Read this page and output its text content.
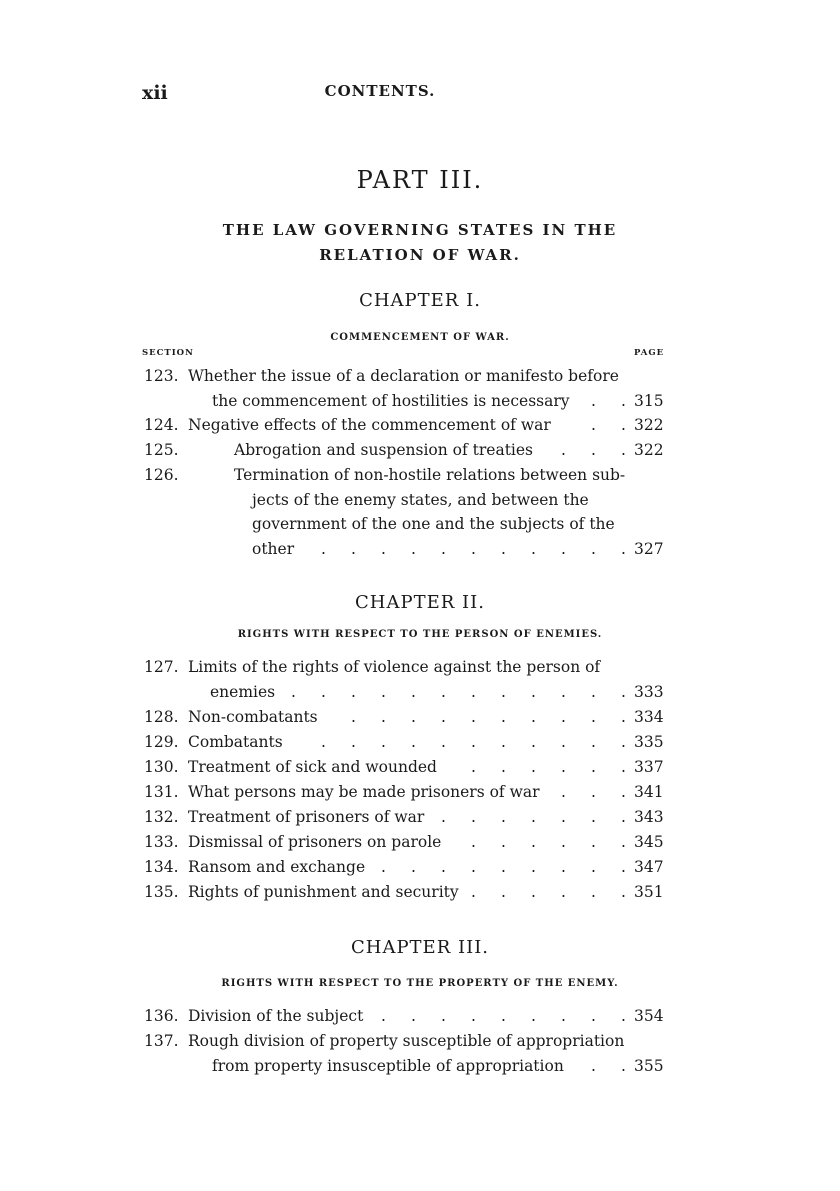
xii	CONTENTS.
PART III.
THE LAW GOVERNING STATES IN THE
RELATION OF WAR.
CHAPTER I.
COMMENCEMENT OF WAR.
SECTION	PAGE
CHAPTER II.
RIGHTS WITH RESPECT TO THE PERSON OF ENEMIES.
CHAPTER III.
RIGHTS WITH RESPECT TO THE PROPERTY OF THE ENEMY.
123. Whether the issue of a declaration or manifesto before
the commencement of hostilities is necessary . . 315
124. Negative effects of the commencement of war	. . 322
125.	Abrogation and suspension of treaties . . . 322
126.	Termination of non-hostile relations between sub-
jects of the enemy states, and between the
government of the one and the subjects of the
other . . . . . . . . . . . 327
127. Limits of the rights of violence against the person of
enemies . . . . . . . . . . . . 333
128. Non-combatants . . . . . . . . . . 334
129. Combatants . . . . . . . . . . . 335
130. Treatment of sick and wounded . . . . . . 337
131. What persons may be made prisoners of war . . . 341
132. Treatment of prisoners of war . . . . . . . 343
133. Dismissal of prisoners on parole . . . . . . 345
134. Ransom and exchange . . . . . . . . . 347
135. Rights of punishment and security . . . . . . 351
136. Division of the subject . . . . . . . . . 354
137. Rough division of property susceptible of appropriation
from property insusceptible of appropriation . . 355
